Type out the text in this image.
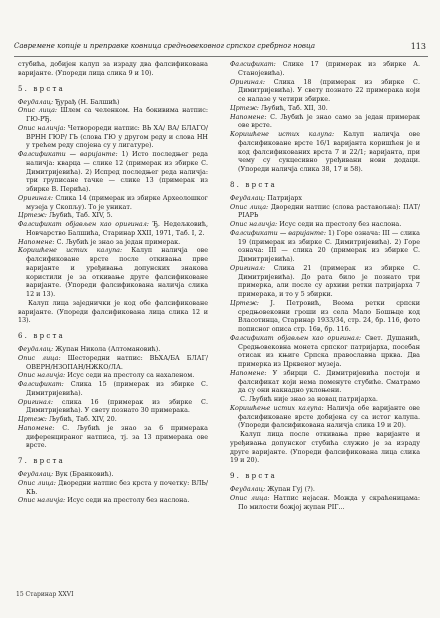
Савремене копије и преправке ковница средњовековног српског сребрног новца	113

стубића, добијен калуп за израду два фалсификована варијанте. (Упореди лица слика 9 и 10).

5. врста

Феудалац: Ђурађ (Н. Балшић)

Опис лица: Шлем са челенком. На бокивима натпис: ГЮ-РЂ.

Опис наличја: Четворореди натпис: ВЬ ХА/ ВА/ БЛАГО/ ВРНН ГЮР/ ГЬ (слова ГЮ у другом реду и слова НН у трећем реду спојена су у лигатуре).

Фалсификати — варијанте: 1) Исто последњег реда наличја: кварца — слике 12 (примерак из збирке С. Димитријевића). 2) Испред последњег реда наличја: три груписане тачке — слике 13 (примерак из збирке В. Перића).

Оригинал: Слика 14 (примерак из збирке Археолошког музеја у Скопљу). То је уникат.

Цртеж: Љубић, Таб. XIV, 5.

Фалсификат објављен као оригинал: Ђ. Недељковић, Новчарство Балшића, Старинар XXII, 1971, Таб. I, 2.

Напомене: С. Љубић је знао за један примерак.

Коришћене истих калупа: Калуп наличја ове фалсификоване врсте после откивања прве варијанте и уређивања допунских знакова користили је за откивање друге фалсификоване варијанте. (Упореди фалсификована наличја слика 12 и 13).

Калуп лица заједнички је код обе фалсификоване варијанте. (Упореди фалсификована лица слика 12 и 13).

6. врста

Феудалац: Жупан Никола (Алтомановић).

Опис лица: Шесторедни натпис: ВЬХА/БА БЛАГ/ОВЕРН/НЗОПАН/НЖКО/ЛА.

Опис наличја: Исус седи на престолу са нахаленом.

Фалсификат: Слика 15 (примерак из збирке С. Димитријевића).

Оригинал: слика 16 (примерак из збирке С. Димитријевића). У свету познато 30 примерака.

Цртеж: Љубић, Таб. XIV, 20.

Напомене: С. Љубић је знао за 6 примерака диференцираног натписа, тј. за 13 примерака ове врсте.

7. врста

Феудалац: Вук (Бранковић).

Опис лица: Дворедни натпис без крста у почетку: ВЛЬ/КЬ.

Опис наличја: Исус седи на престолу без наслона.

Фалсификат: Слике 17 (примерак из збирке А. Станојевића).

Оригинал: Слика 18 (примерак из збирке С. Димитријевића). У свету познато 22 примерака који се налазе у четири збирке.

Цртеж: Љубић, Таб. XII, 30.

Напомене: С. Љубић је знао само за један примерак ове врсте.

Коришћене истих калупа: Калуп наличја ове фалсификоване врсте 16/1 варијанта коришћен је и код фалсификованих врста 7 и 22/1; варијанта, при чему су сукцесивно уређивани нови додаци. (Упореди наличја слика 38, 17 и 58).

8. врста

Феудалац: Патријарх

Опис лица: Дворедни натпис (слова раставољна): ПАТ/РІАРЬ

Опис наличја: Исус седи на престолу без наслона.

Фалсификати — варијанте: 1) Горе означа: III — слика 19 (примерак из збирке С. Димитријевића). 2) Горе означа: III — слика 20 (примерак из збирке С. Димитријевића).

Оригинал: Слика 21 (примерак из збирке С. Димитријевића). До рата било је познато три примерка, али после су архиви ретки патријарха 7 примерака, и то у 5 збирки.

Цртеж: Ј. Петровић, Веома ретки српски средњовековни гроши из села Мало Бошњце код Власотинца, Старинар 1933/34, стр. 24, бр. 116, фото пописног описа стр. 16в, бр. 116.

Фалсификат објављен као оригинал: Свет. Душанић, Средњовековна монета српског патријарха, посебан отисак из књиге Српска православна црква. Два примерка из Црквеног музеја.

Напомене: У збирци С. Димитријевића постоји и фалсификат који нема поменуте стубиће. Сматрамо да су они накнадно уклоњени.

С. Љубић није знао за новац патријарха.

Коришћење истих калупа: Наличја обе варијанте ове фалсификоване врсте добијена су са истог калупа. (Упореди фалсификована наличја слика 19 и 20).

Калуп лица после откивања прве варијанте и уређивања допунског стубића служио је за израду друге варијанте. (Упореди фалсификована лица слика 19 и 20).

9. врста

Феудалац: Жупан Гуј (?).

Опис лица: Натпис нејасан. Можда у скраћеницама: По милости божјој жупан РІГ...

15 Старинар XXVI
